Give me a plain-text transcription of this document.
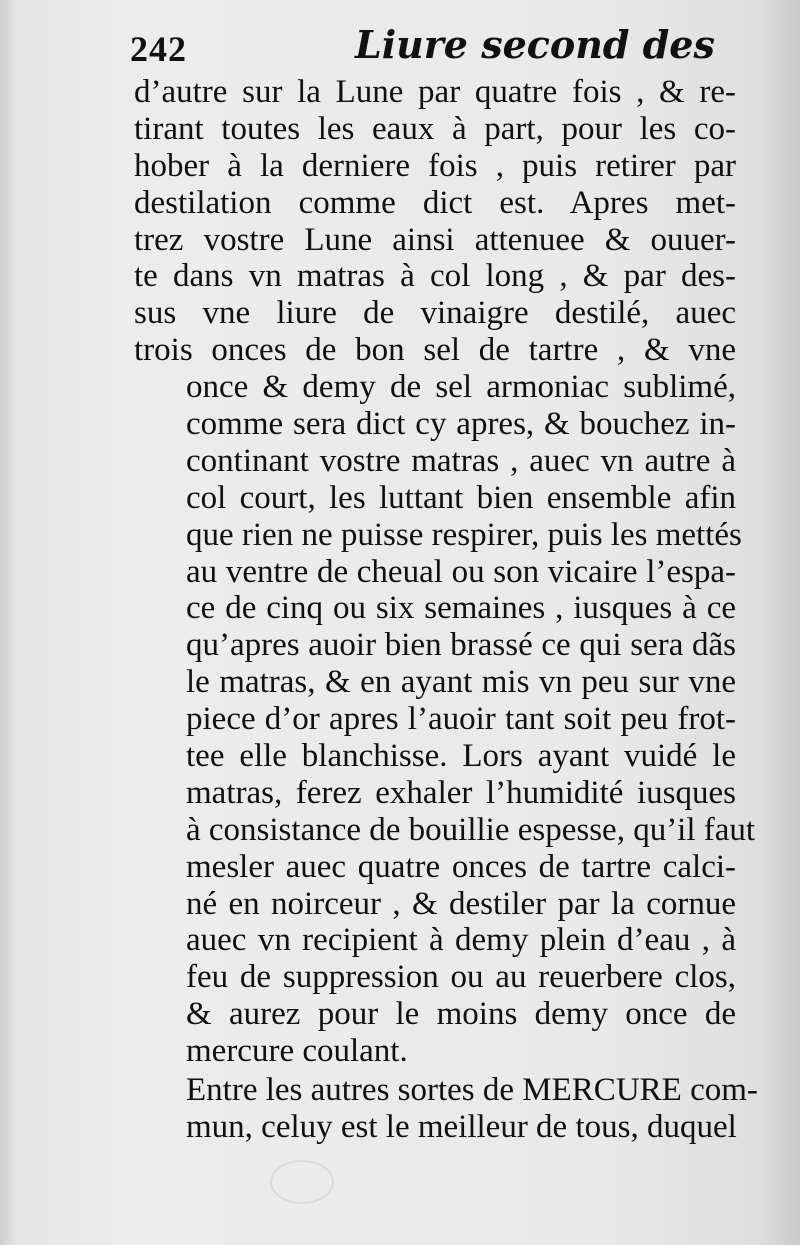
242	Liure second des
d’autre sur la Lune par quatre fois , & re-
tirant toutes les eaux à part, pour les co-
hober à la derniere fois , puis retirer par
destilation comme dict est. Apres met-
trez vostre Lune ainsi attenuee & ouuer-
te dans vn matras à col long , & par des-
sus vne liure de vinaigre destilé, auec
trois onces de bon sel de tartre , & vne
once & demy de sel armoniac sublimé,
comme sera dict cy apres, & bouchez in-
continant vostre matras , auec vn autre à
col court, les luttant bien ensemble afin
que rien ne puisse respirer, puis les mettés
au ventre de cheual ou son vicaire l’espa-
ce de cinq ou six semaines , iusques à ce
qu’apres auoir bien brassé ce qui sera dãs
le matras, & en ayant mis vn peu sur vne
piece d’or apres l’auoir tant soit peu frot-
tee elle blanchisse. Lors ayant vuidé le
matras, ferez exhaler l’humidité iusques
à consistance de bouillie espesse, qu’il faut
mesler auec quatre onces de tartre calci-
né en noirceur , & destiler par la cornue
auec vn recipient à demy plein d’eau , à
feu de suppression ou au reuerbere clos,
& aurez pour le moins demy once de
mercure coulant.
Entre les autres sortes de MERCURE com-
mun, celuy est le meilleur de tous, duquel
